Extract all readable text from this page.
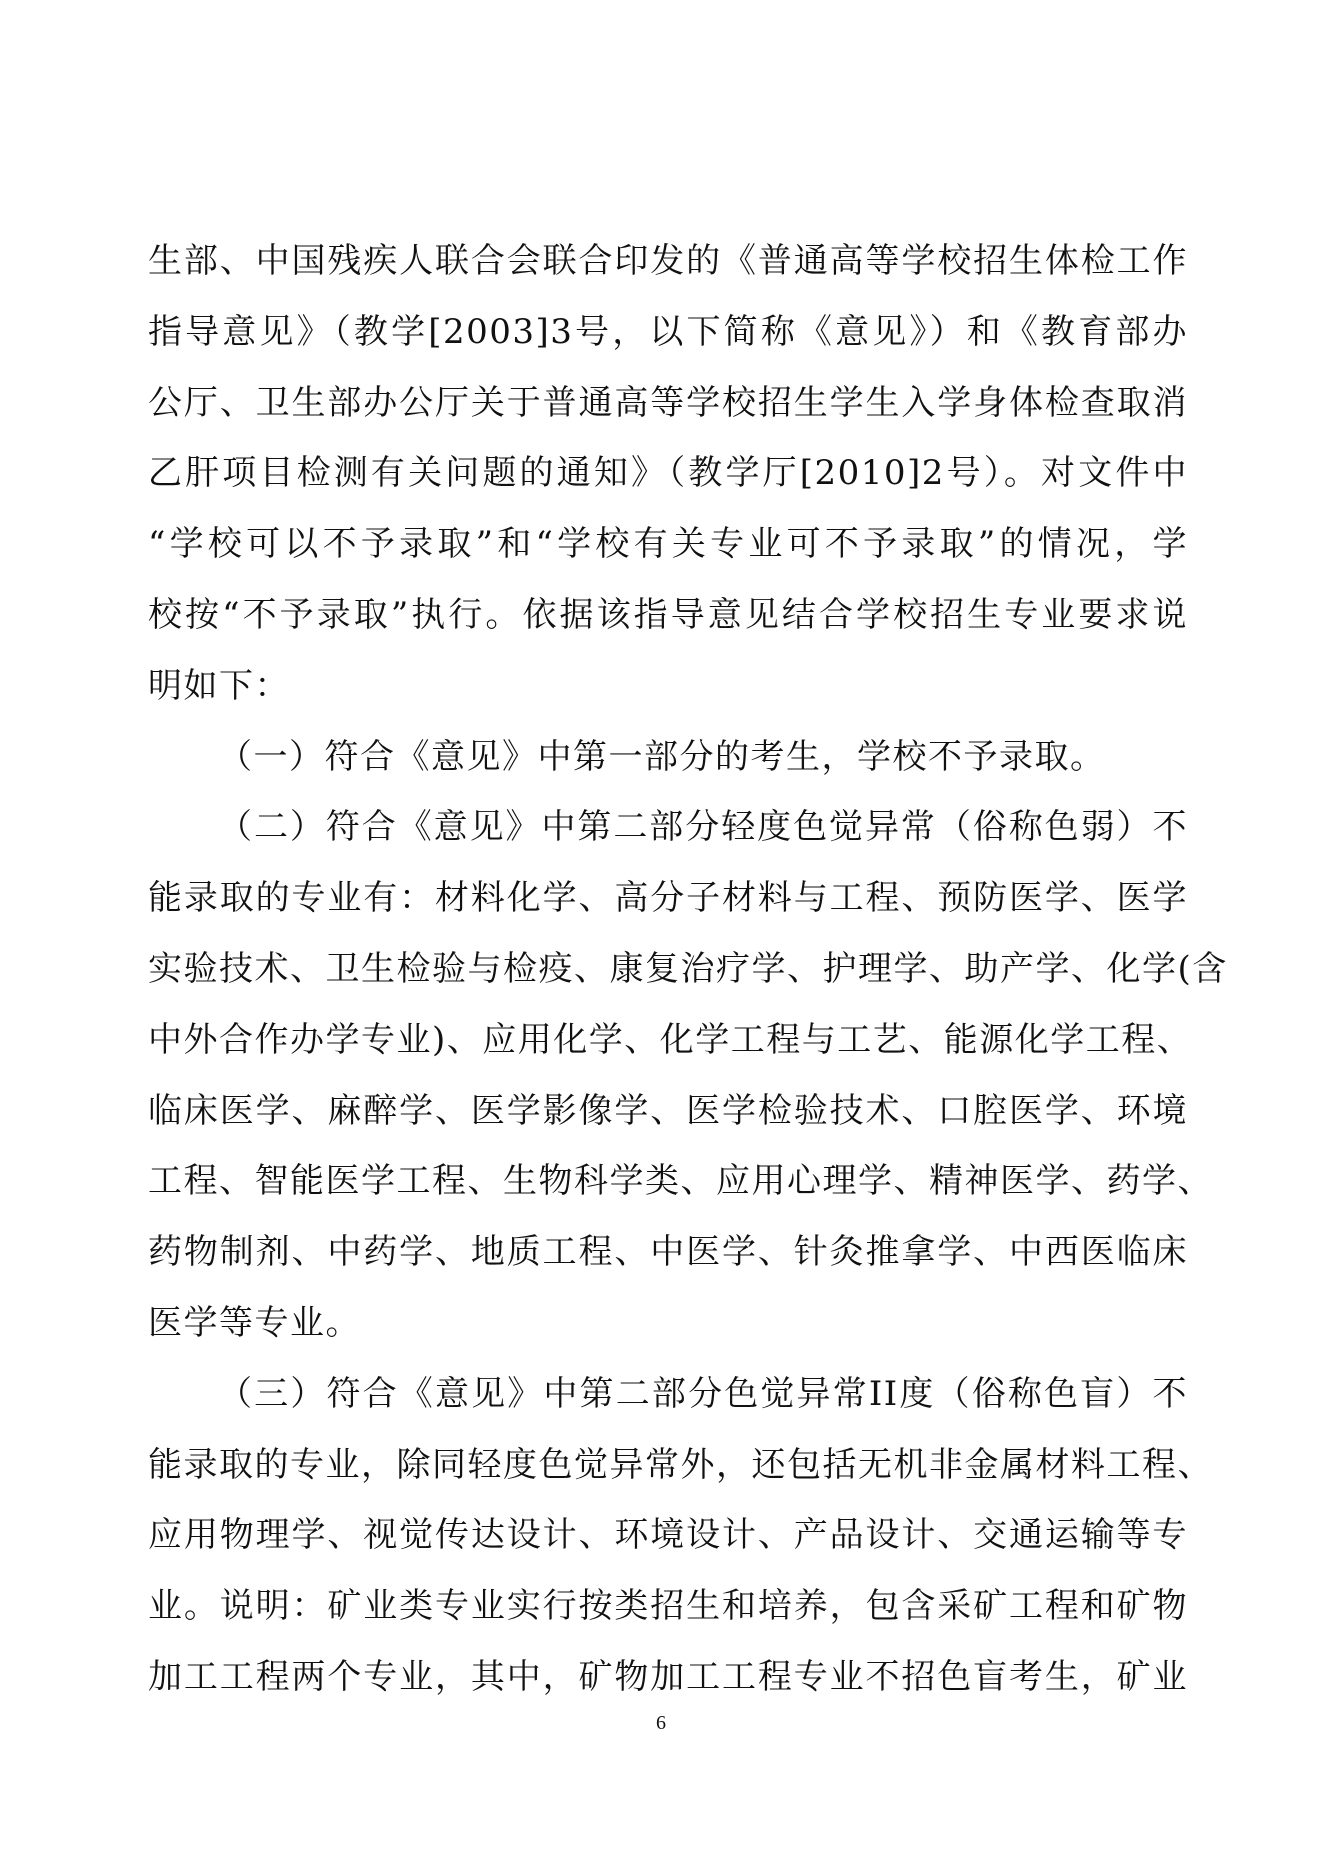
生部、中国残疾人联合会联合印发的《普通高等学校招生体检工作
指导意见》（教学[2003]3号，以下简称《意见》）和《教育部办
公厅、卫生部办公厅关于普通高等学校招生学生入学身体检查取消
乙肝项目检测有关问题的通知》（教学厅[2010]2号）。对文件中
“学校可以不予录取”和“学校有关专业可不予录取”的情况，学
校按“不予录取”执行。依据该指导意见结合学校招生专业要求说
明如下：
（一）符合《意见》中第一部分的考生，学校不予录取。
（二）符合《意见》中第二部分轻度色觉异常（俗称色弱）不
能录取的专业有：材料化学、高分子材料与工程、预防医学、医学
实验技术、卫生检验与检疫、康复治疗学、护理学、助产学、化学(含
中外合作办学专业)、应用化学、化学工程与工艺、能源化学工程、
临床医学、麻醉学、医学影像学、医学检验技术、口腔医学、环境
工程、智能医学工程、生物科学类、应用心理学、精神医学、药学、
药物制剂、中药学、地质工程、中医学、针灸推拿学、中西医临床
医学等专业。
（三）符合《意见》中第二部分色觉异常II度（俗称色盲）不
能录取的专业，除同轻度色觉异常外，还包括无机非金属材料工程、
应用物理学、视觉传达设计、环境设计、产品设计、交通运输等专
业。说明：矿业类专业实行按类招生和培养，包含采矿工程和矿物
加工工程两个专业，其中，矿物加工工程专业不招色盲考生，矿业
6
